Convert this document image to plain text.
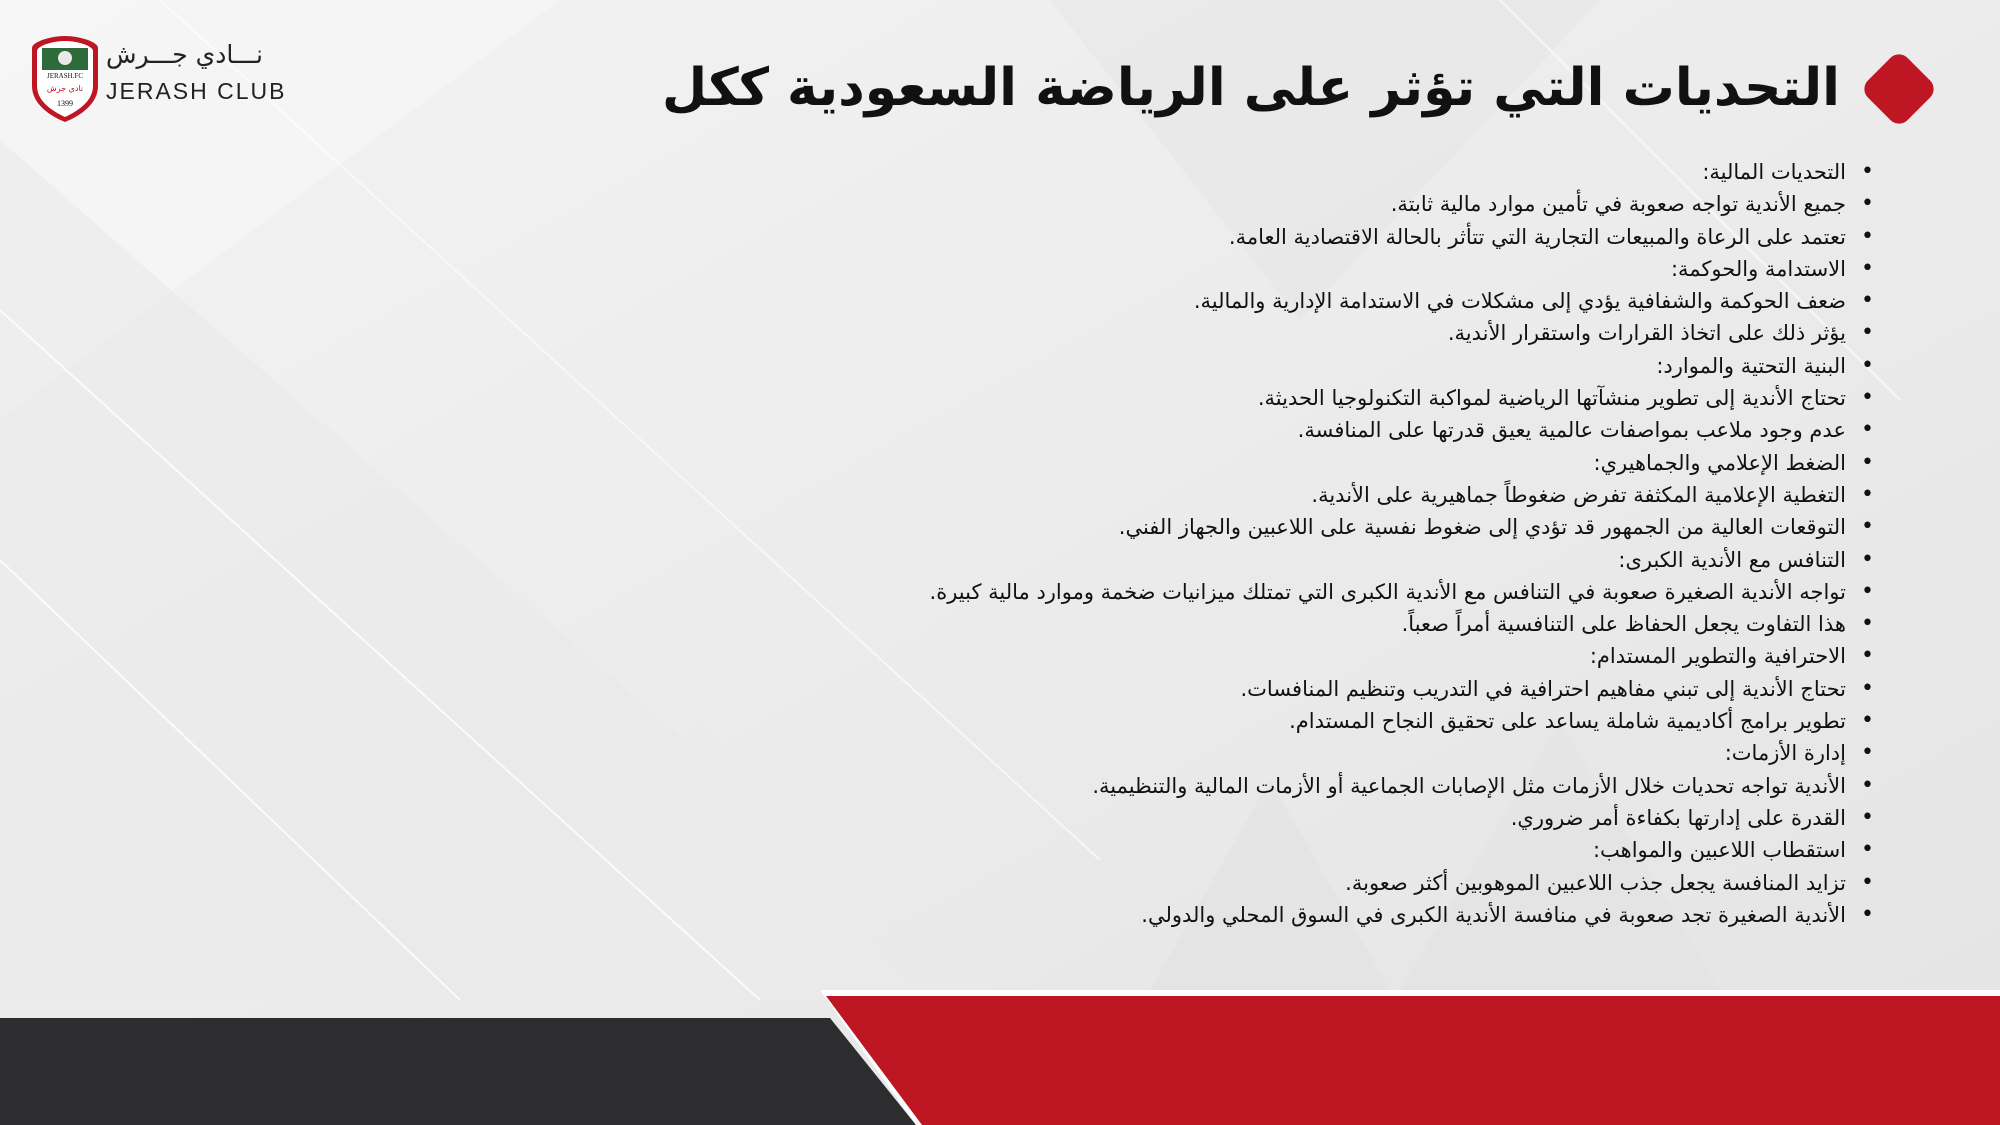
JERASH.FC
نادي جرش
1399
نـــادي جـــرش
JERASH CLUB	التحديات التي تؤثر على الرياضة السعودية ككل
• التحديات المالية:
• جميع الأندية تواجه صعوبة في تأمين موارد مالية ثابتة.
• تعتمد على الرعاة والمبيعات التجارية التي تتأثر بالحالة الاقتصادية العامة.
• الاستدامة والحوكمة:
• ضعف الحوكمة والشفافية يؤدي إلى مشكلات في الاستدامة الإدارية والمالية.
• يؤثر ذلك على اتخاذ القرارات واستقرار الأندية.
• البنية التحتية والموارد:
• تحتاج الأندية إلى تطوير منشآتها الرياضية لمواكبة التكنولوجيا الحديثة.
• عدم وجود ملاعب بمواصفات عالمية يعيق قدرتها على المنافسة.
• الضغط الإعلامي والجماهيري:
• التغطية الإعلامية المكثفة تفرض ضغوطاً جماهيرية على الأندية.
• التوقعات العالية من الجمهور قد تؤدي إلى ضغوط نفسية على اللاعبين والجهاز الفني.
• التنافس مع الأندية الكبرى:
• تواجه الأندية الصغيرة صعوبة في التنافس مع الأندية الكبرى التي تمتلك ميزانيات ضخمة وموارد مالية كبيرة.
• هذا التفاوت يجعل الحفاظ على التنافسية أمراً صعباً.
• الاحترافية والتطوير المستدام:
• تحتاج الأندية إلى تبني مفاهيم احترافية في التدريب وتنظيم المنافسات.
• تطوير برامج أكاديمية شاملة يساعد على تحقيق النجاح المستدام.
• إدارة الأزمات:
• الأندية تواجه تحديات خلال الأزمات مثل الإصابات الجماعية أو الأزمات المالية والتنظيمية.
• القدرة على إدارتها بكفاءة أمر ضروري.
• استقطاب اللاعبين والمواهب:
• تزايد المنافسة يجعل جذب اللاعبين الموهوبين أكثر صعوبة.
• الأندية الصغيرة تجد صعوبة في منافسة الأندية الكبرى في السوق المحلي والدولي.
